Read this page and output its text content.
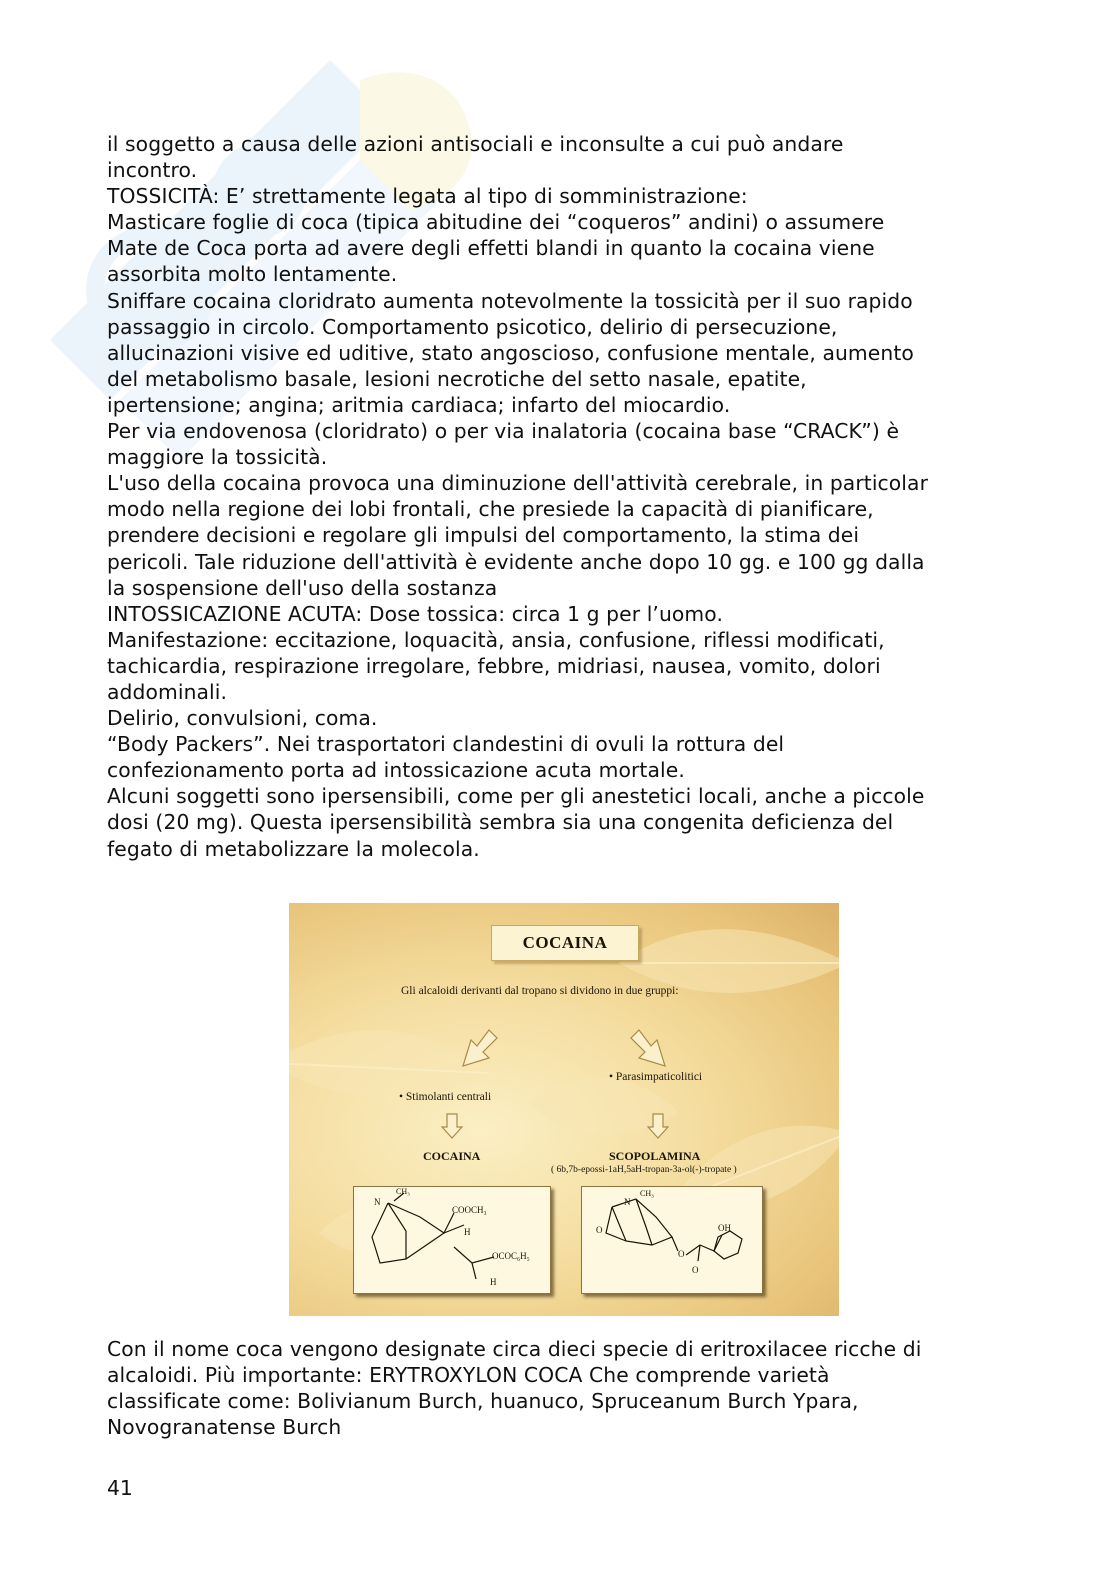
il soggetto a causa delle azioni antisociali e inconsulte a cui può andare

incontro.

TOSSICITÀ: E’ strettamente legata al tipo di somministrazione:

Masticare foglie di coca (tipica abitudine dei “coqueros” andini) o assumere

Mate de Coca porta ad avere degli effetti blandi in quanto la cocaina viene

assorbita molto lentamente.

Sniffare cocaina cloridrato aumenta notevolmente la tossicità per il suo rapido

passaggio in circolo. Comportamento psicotico, delirio di persecuzione,

allucinazioni visive ed uditive, stato angoscioso, confusione mentale, aumento

del metabolismo basale, lesioni necrotiche del setto nasale, epatite,

ipertensione; angina; aritmia cardiaca; infarto del miocardio.

Per via endovenosa (cloridrato) o per via inalatoria (cocaina base “CRACK”) è

maggiore la tossicità.

L'uso della cocaina provoca una diminuzione dell'attività cerebrale, in particolar

modo nella regione dei lobi frontali, che presiede la capacità di pianificare,

prendere decisioni e regolare gli impulsi del comportamento, la stima dei

pericoli. Tale riduzione dell'attività è evidente anche dopo 10 gg. e 100 gg dalla

la sospensione dell'uso della sostanza

INTOSSICAZIONE ACUTA: Dose tossica: circa 1 g per l’uomo.

Manifestazione: eccitazione, loquacità, ansia, confusione, riflessi modificati,

tachicardia, respirazione irregolare, febbre, midriasi, nausea, vomito, dolori

addominali.

Delirio, convulsioni, coma.

“Body Packers”. Nei trasportatori clandestini di ovuli la rottura del

confezionamento porta ad intossicazione acuta mortale.

Alcuni soggetti sono ipersensibili, come per gli anestetici locali, anche a piccole

dosi (20 mg). Questa ipersensibilità sembra sia una congenita deficienza del

fegato di metabolizzare la molecola.

COCAINA
Gli alcaloidi derivanti dal tropano si dividono in due gruppi:
• Stimolanti centrali
• Parasimpaticolitici
COCAINA	SCOPOLAMINA
( 6b,7b-epossi-1aH,5aH-tropan-3a-ol(-)-tropate )
N
CH₃
COOCH₃
H
OCOC₆H₅
H
N
CH₃
O
O
O
OH

Con il nome coca vengono designate circa dieci specie di eritroxilacee ricche di

alcaloidi. Più importante: ERYTROXYLON COCA Che comprende varietà

classificate come: Bolivianum Burch, huanuco, Spruceanum Burch Ypara,

Novogranatense Burch

41
